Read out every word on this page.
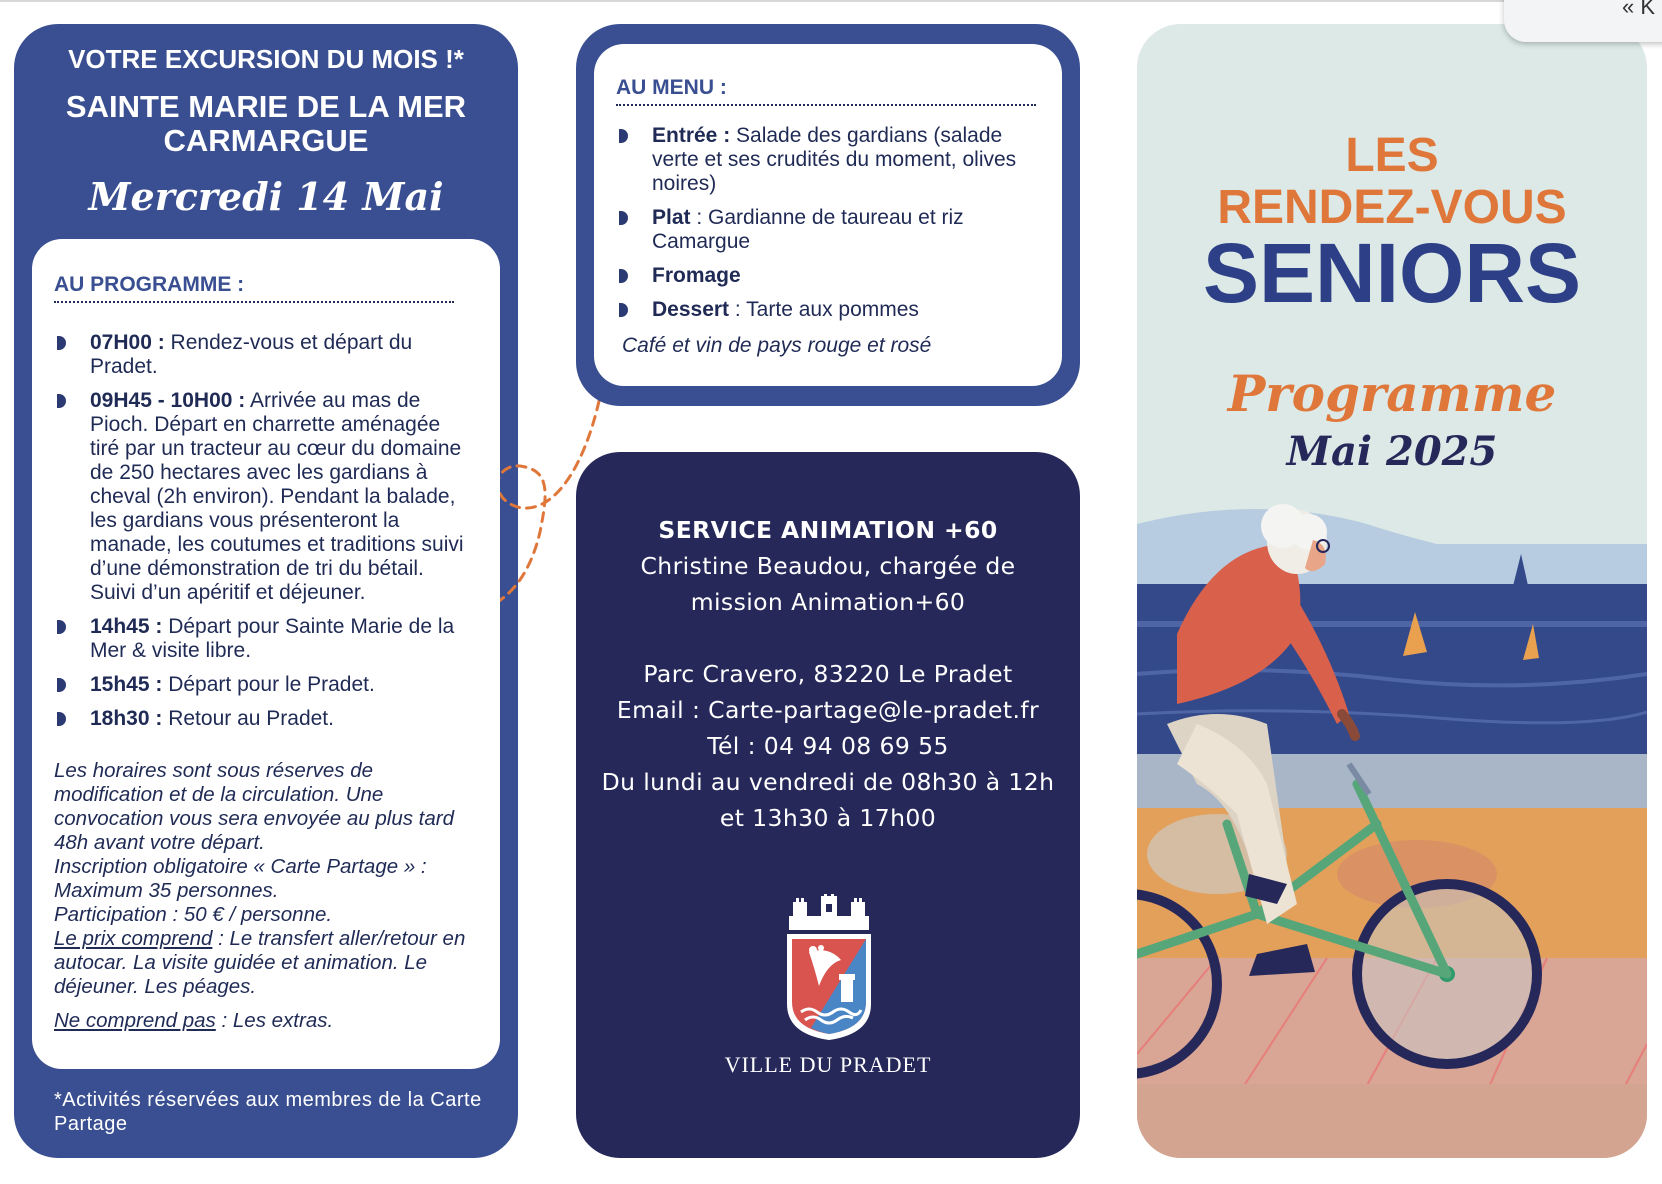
VOTRE EXCURSION DU MOIS !*
SAINTE MARIE DE LA MER CARMARGUE
Mercredi 14 Mai
AU PROGRAMME :
07H00 : Rendez-vous et départ du Pradet.
09H45 - 10H00 : Arrivée au mas de Pioch. Départ en charrette aménagée tiré par un tracteur au cœur du domaine de 250 hectares avec les gardians à cheval (2h environ). Pendant la balade, les gardians vous présenteront la manade, les coutumes et traditions suivi d’une démonstration de tri du bétail. Suivi d’un apéritif et déjeuner.
14h45 : Départ pour Sainte Marie de la Mer & visite libre.
15h45 : Départ pour le Pradet.
18h30 : Retour au Pradet.

Les horaires sont sous réserves de modification et de la circulation. Une convocation vous sera envoyée au plus tard 48h avant votre départ.

Inscription obligatoire « Carte Partage » : Maximum 35 personnes.

Participation : 50 € / personne.

Le prix comprend : Le transfert aller/retour en autocar. La visite guidée et animation. Le déjeuner. Les péages.

Ne comprend pas : Les extras.

*Activités réservées aux membres de la Carte Partage
AU MENU :
Entrée : Salade des gardians (salade verte et ses crudités du moment, olives noires)
Plat : Gardianne de taureau et riz Camargue
Fromage
Dessert : Tarte aux pommes
Café et vin de pays rouge et rosé
SERVICE ANIMATION +60
Christine Beaudou, chargée de
mission Animation+60
Parc Cravero, 83220 Le Pradet
Email : Carte-partage@le-pradet.fr
Tél : 04 94 08 69 55
Du lundi au vendredi de 08h30 à 12h
et 13h30 à 17h00
VILLE DU PRADET
LES
RENDEZ-VOUS
SENIORS
Programme
Mai 2025
« K
